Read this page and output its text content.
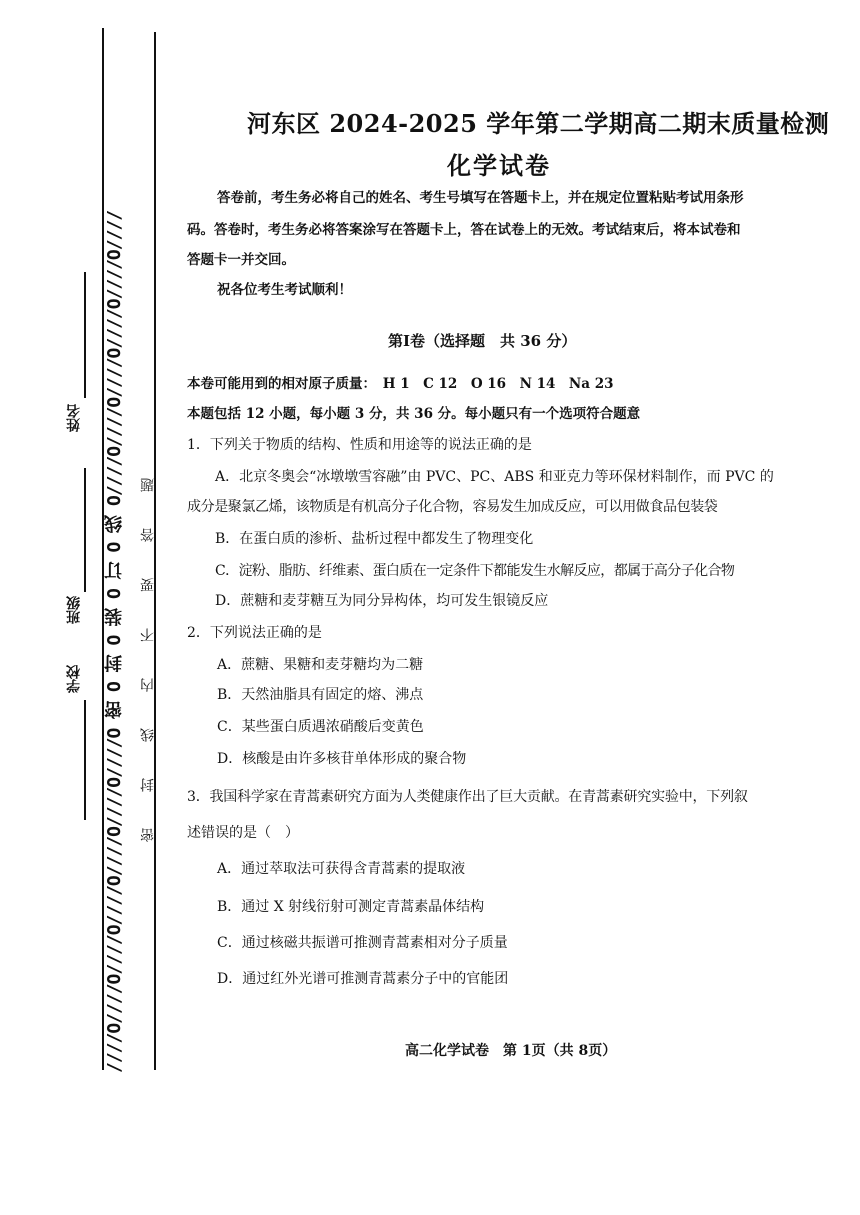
////O////O////O////O////O////O////O 密 O 封 O 装 O 订 O 线 O////O////O////O////O////O//// 密封线内不要答题
姓名
班级
学校
河东区 2024-2025 学年第二学期高二期末质量检测
化学试卷
答卷前，考生务必将自己的姓名、考生号填写在答题卡上，并在规定位置粘贴考试用条形
码。答卷时，考生务必将答案涂写在答题卡上，答在试卷上的无效。考试结束后，将本试卷和
答题卡一并交回。
祝各位考生考试顺利！
第Ⅰ卷（选择题　共 36 分）
本卷可能用到的相对原子质量：　H 1　C 12　O 16　N 14　Na 23
本题包括 12 小题，每小题 3 分，共 36 分。每小题只有一个选项符合题意
1．下列关于物质的结构、性质和用途等的说法正确的是
A．北京冬奥会“冰墩墩雪容融”由 PVC、PC、ABS 和亚克力等环保材料制作，而 PVC 的
成分是聚氯乙烯，该物质是有机高分子化合物，容易发生加成反应，可以用做食品包装袋
B．在蛋白质的渗析、盐析过程中都发生了物理变化
C．淀粉、脂肪、纤维素、蛋白质在一定条件下都能发生水解反应，都属于高分子化合物
D．蔗糖和麦芽糖互为同分异构体，均可发生银镜反应
2．下列说法正确的是
A．蔗糖、果糖和麦芽糖均为二糖
B．天然油脂具有固定的熔、沸点
C．某些蛋白质遇浓硝酸后变黄色
D．核酸是由许多核苷单体形成的聚合物
3．我国科学家在青蒿素研究方面为人类健康作出了巨大贡献。在青蒿素研究实验中，下列叙
述错误的是（　）
A．通过萃取法可获得含青蒿素的提取液
B．通过 X 射线衍射可测定青蒿素晶体结构
C．通过核磁共振谱可推测青蒿素相对分子质量
D．通过红外光谱可推测青蒿素分子中的官能团
高二化学试卷　第 1页（共 8页）
